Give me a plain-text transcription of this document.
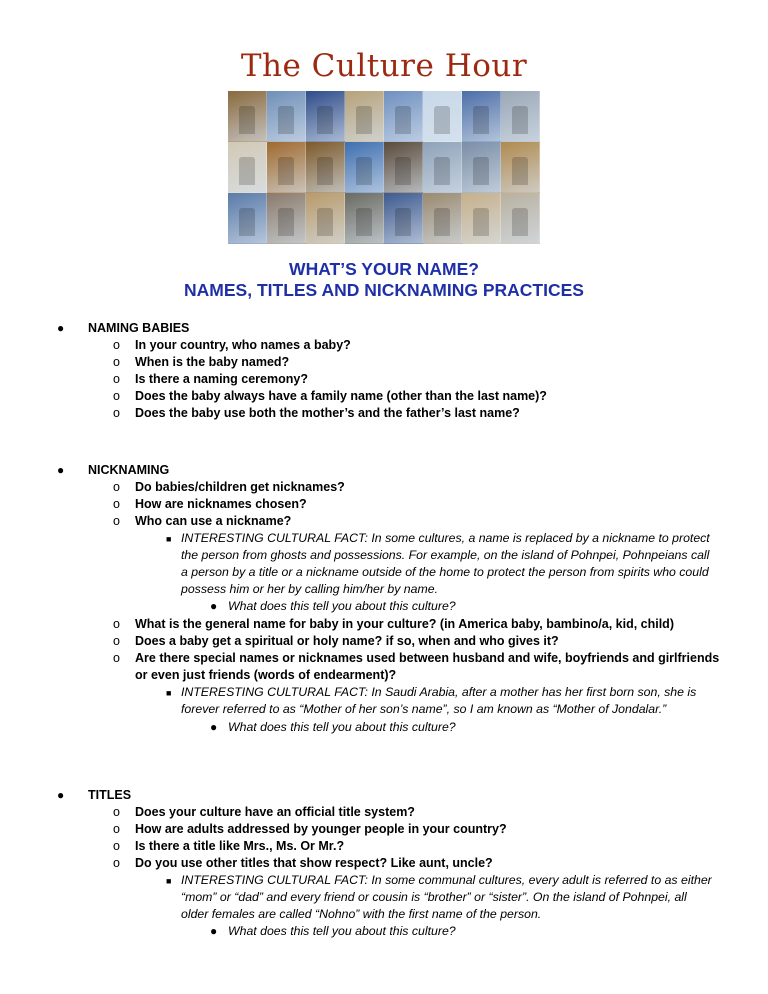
The Culture Hour
WHAT’S YOUR NAME?
NAMES, TITLES AND NICKNAMING PRACTICES
● NAMING BABIES
o In your country, who names a baby?
o When is the baby named?
o Is there a naming ceremony?
o Does the baby always have a family name (other than the last name)?
o Does the baby use both the mother’s and the father’s last name?
● NICKNAMING
o Do babies/children get nicknames?
o How are nicknames chosen?
o Who can use a nickname?
■ INTERESTING CULTURAL FACT: In some cultures, a name is replaced by a nickname to protect
the person from ghosts and possessions. For example, on the island of Pohnpei, Pohnpeians call
a person by a title or a nickname outside of the home to protect the person from spirits who could
possess him or her by calling him/her by name.
● What does this tell you about this culture?
o What is the general name for baby in your culture? (in America baby, bambino/a, kid, child)
o Does a baby get a spiritual or holy name? if so, when and who gives it?
o Are there special names or nicknames used between husband and wife, boyfriends and girlfriends
or even just friends (words of endearment)?
■ INTERESTING CULTURAL FACT: In Saudi Arabia, after a mother has her first born son, she is
forever referred to as “Mother of her son’s name”, so I am known as “Mother of Jondalar.”
● What does this tell you about this culture?
● TITLES
o Does your culture have an official title system?
o How are adults addressed by younger people in your country?
o Is there a title like Mrs., Ms. Or Mr.?
o Do you use other titles that show respect? Like aunt, uncle?
■ INTERESTING CULTURAL FACT: In some communal cultures, every adult is referred to as either
“mom” or “dad” and every friend or cousin is “brother” or “sister”. On the island of Pohnpei, all
older females are called “Nohno” with the first name of the person.
● What does this tell you about this culture?
